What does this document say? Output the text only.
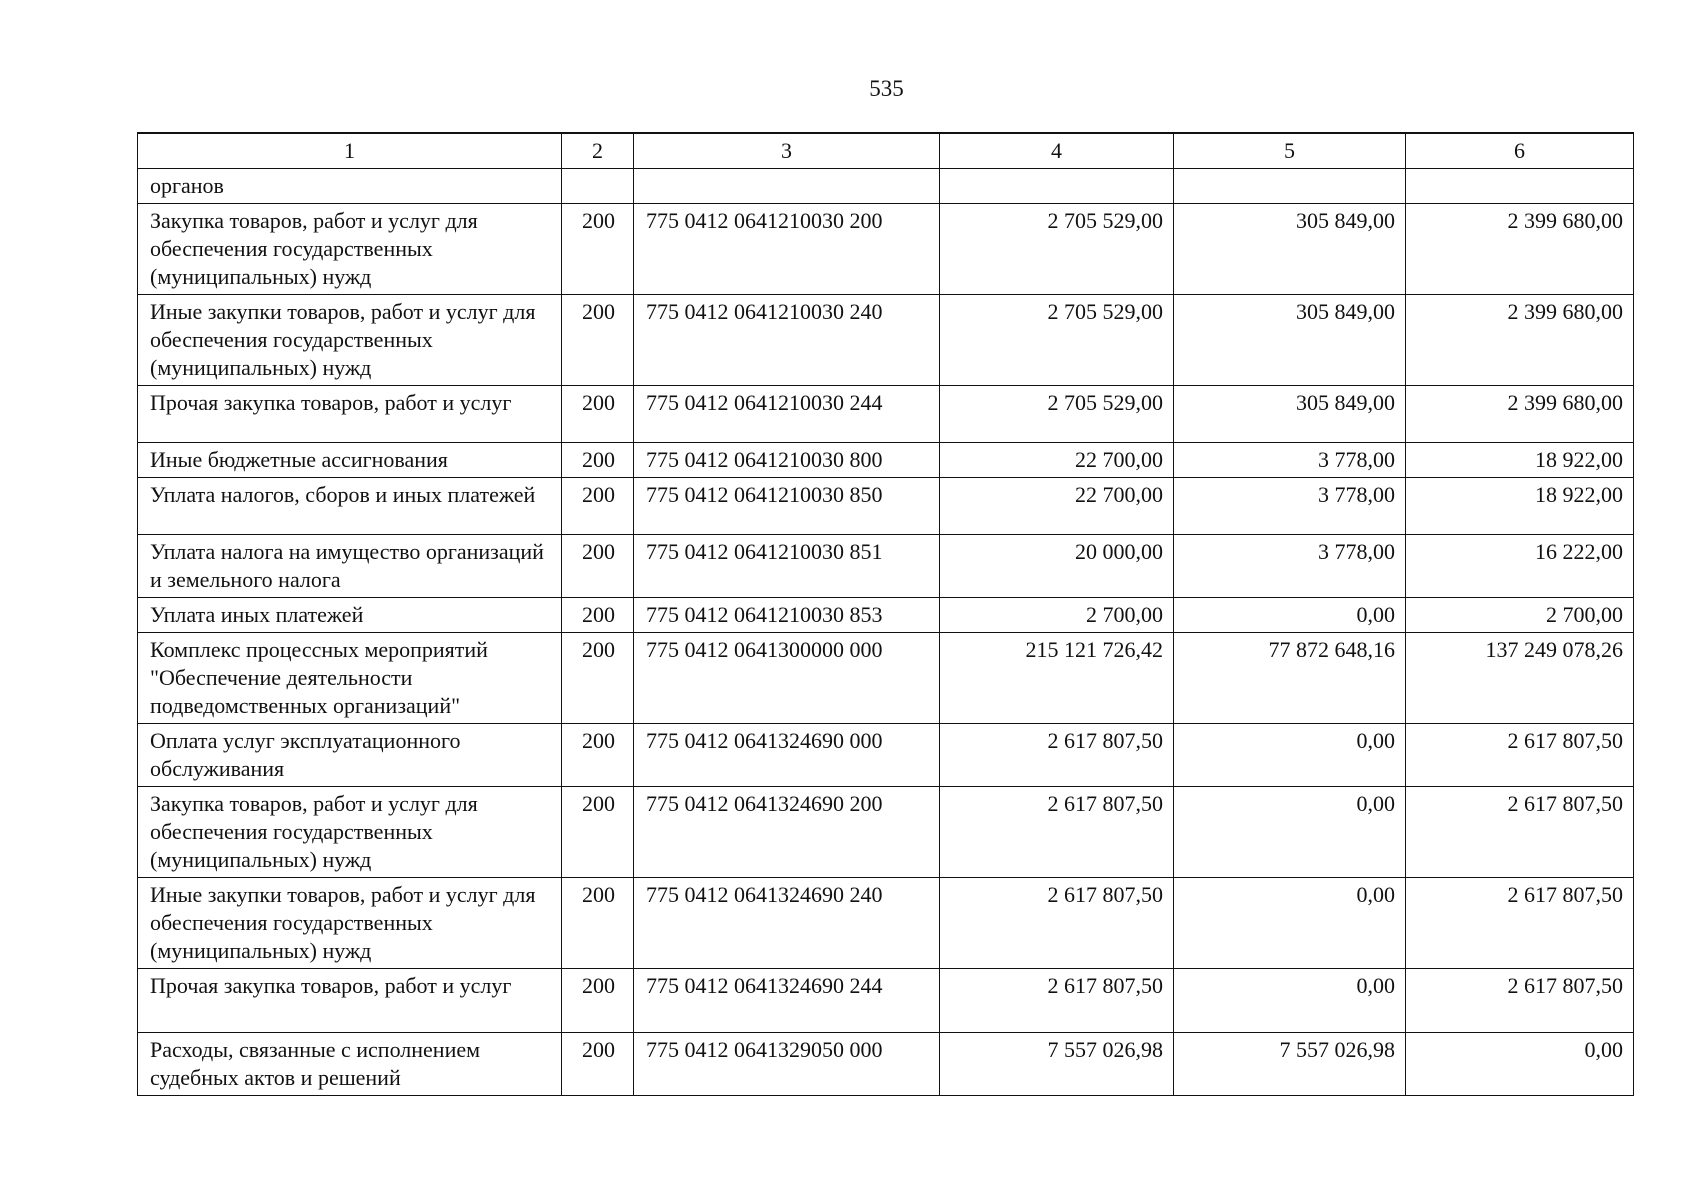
535
1	2	3	4	5	6
органов					
Закупка товаров, работ и услуг для обеспечения государственных (муниципальных) нужд	200	775 0412 0641210030 200	2 705 529,00	305 849,00	2 399 680,00
Иные закупки товаров, работ и услуг для обеспечения государственных (муниципальных) нужд	200	775 0412 0641210030 240	2 705 529,00	305 849,00	2 399 680,00
Прочая закупка товаров, работ и услуг	200	775 0412 0641210030 244	2 705 529,00	305 849,00	2 399 680,00
Иные бюджетные ассигнования	200	775 0412 0641210030 800	22 700,00	3 778,00	18 922,00
Уплата налогов, сборов и иных платежей	200	775 0412 0641210030 850	22 700,00	3 778,00	18 922,00
Уплата налога на имущество организаций и земельного налога	200	775 0412 0641210030 851	20 000,00	3 778,00	16 222,00
Уплата иных платежей	200	775 0412 0641210030 853	2 700,00	0,00	2 700,00
Комплекс процессных мероприятий "Обеспечение деятельности подведомственных организаций"	200	775 0412 0641300000 000	215 121 726,42	77 872 648,16	137 249 078,26
Оплата услуг эксплуатационного обслуживания	200	775 0412 0641324690 000	2 617 807,50	0,00	2 617 807,50
Закупка товаров, работ и услуг для обеспечения государственных (муниципальных) нужд	200	775 0412 0641324690 200	2 617 807,50	0,00	2 617 807,50
Иные закупки товаров, работ и услуг для обеспечения государственных (муниципальных) нужд	200	775 0412 0641324690 240	2 617 807,50	0,00	2 617 807,50
Прочая закупка товаров, работ и услуг	200	775 0412 0641324690 244	2 617 807,50	0,00	2 617 807,50
Расходы, связанные с исполнением судебных актов и решений	200	775 0412 0641329050 000	7 557 026,98	7 557 026,98	0,00
